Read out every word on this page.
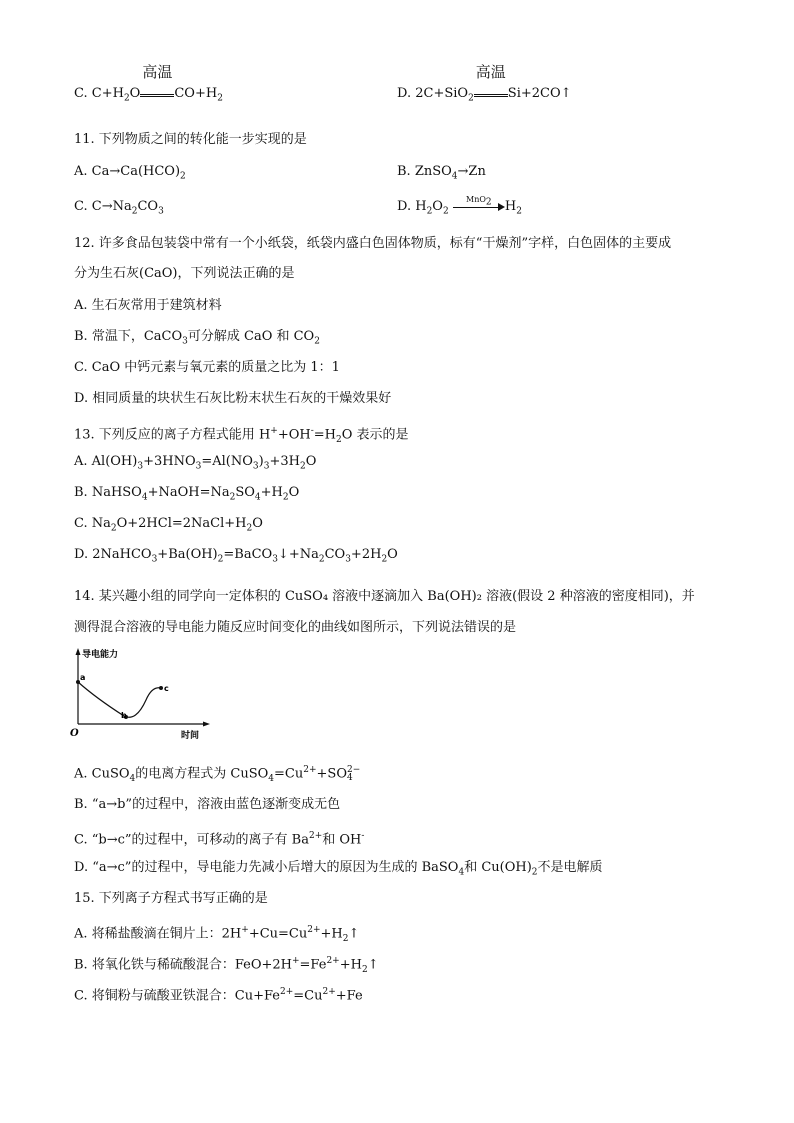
C. $C+H_2O$
高温
$CO+H_2$	D. 2C+SiO$_2$
高温
Si+2CO↑
11. 下列物质之间的转化能一步实现的是
A. $Ca\to Ca(HCO)_2$	B. ZnSO$_4$→Zn
C. $C\to Na_2CO_3$	D. $H_2O_2$
MnO$_2$	$H_2$
12. 许多食品包装袋中常有一个小纸袋，纸袋内盛白色固体物质，标有“干燥剂”字样，白色固体的主要成
分为生石灰(CaO)，下列说法正确的是
A. 生石灰常用于建筑材料
B. 常温下，CaCO$_3$可分解成 CaO 和 $CO_2$
C. CaO 中钙元素与氧元素的质量之比为 1：1
D. 相同质量的块状生石灰比粉末状生石灰的干燥效果好
13. 下列反应的离子方程式能用 $H^++OH^-=H_2O$ 表示的是
A. $Al(OH)_3+3HNO_3=Al(NO_3)_3+3H_2O$
B. $NaHSO_4+NaOH=Na_2SO_4+H_2O$
C. $Na_2O+2HCl=2NaCl+H_2O$
D. $2NaHCO_3+Ba(OH)_2=BaCO_3↓+Na_2CO_3+2H_2O$
14. 某兴趣小组的同学向一定体积的 CuSO₄ 溶液中逐滴加入 Ba(OH)₂ 溶液(假设 2 种溶液的密度相同)，并
测得混合溶液的导电能力随反应时间变化的曲线如图所示，下列说法错误的是
导电能力
时间
O
a
b
c
A. CuSO$_4$的电离方程式为 $CuSO_4=Cu^{2+}+SO2-$
4
B. “a→b”的过程中，溶液由蓝色逐渐变成无色
C. “b→c”的过程中，可移动的离子有 $Ba^{2+}$和 OH-
D. “a→c”的过程中，导电能力先减小后增大的原因为生成的 BaSO$_4$和 $Cu(OH)_2$不是电解质
15. 下列离子方程式书写正确的是
A. 将稀盐酸滴在铜片上：$2H^++Cu=Cu^{2+}+H_2↑$
B. 将氧化铁与稀硫酸混合：$FeO+2H^+=Fe^{2+}+H_2↑$
C. 将铜粉与硫酸亚铁混合：$Cu+Fe^{2+}=Cu^{2+}+Fe$
